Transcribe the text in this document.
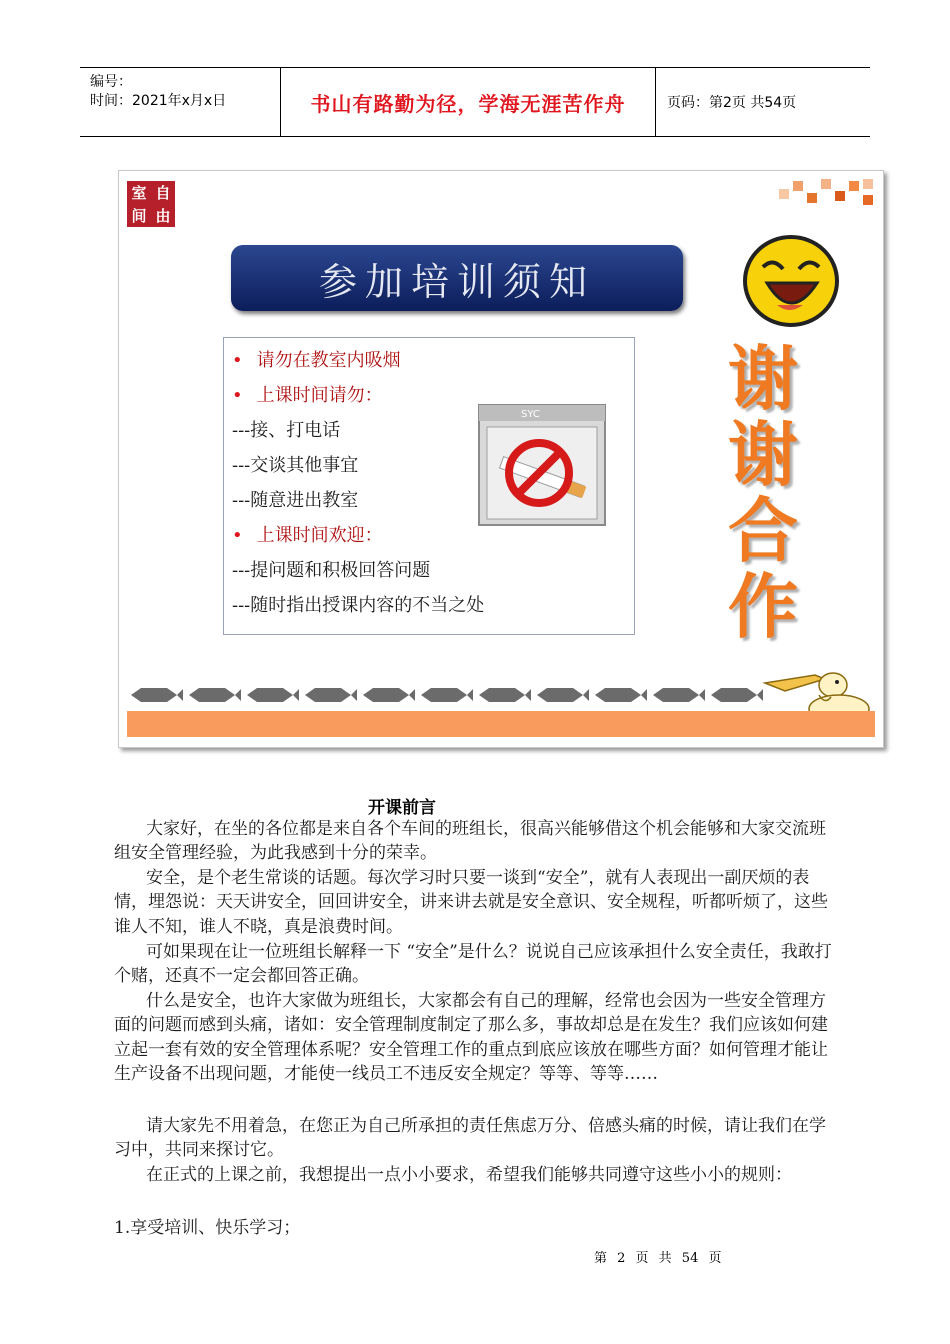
编号：
时间：2021年x月x日	书山有路勤为径，学海无涯苦作舟	页码：第2页 共54页
室 自
间 由
参加培训须知
• 请勿在教室内吸烟
• 上课时间请勿：
---接、打电话
---交谈其他事宜
---随意进出教室
• 上课时间欢迎：
---提问题和积极回答问题
---随时指出授课内容的不当之处
SYC	谢
谢
合
作
开课前言

大家好，在坐的各位都是来自各个车间的班组长，很高兴能够借这个机会能够和大家交流班组安全管理经验，为此我感到十分的荣幸。

安全，是个老生常谈的话题。每次学习时只要一谈到“安全”，就有人表现出一副厌烦的表情，埋怨说：天天讲安全，回回讲安全，讲来讲去就是安全意识、安全规程，听都听烦了，这些谁人不知，谁人不晓，真是浪费时间。

可如果现在让一位班组长解释一下 “安全”是什么？说说自己应该承担什么安全责任，我敢打个赌，还真不一定会都回答正确。

什么是安全，也许大家做为班组长，大家都会有自己的理解，经常也会因为一些安全管理方面的问题而感到头痛，诸如：安全管理制度制定了那么多，事故却总是在发生？我们应该如何建立起一套有效的安全管理体系呢？安全管理工作的重点到底应该放在哪些方面？如何管理才能让生产设备不出现问题，才能使一线员工不违反安全规定？等等、等等……

请大家先不用着急，在您正为自己所承担的责任焦虑万分、倍感头痛的时候，请让我们在学习中，共同来探讨它。

在正式的上课之前，我想提出一点小小要求，希望我们能够共同遵守这些小小的规则：

1.享受培训、快乐学习；

第 2 页 共 54 页
